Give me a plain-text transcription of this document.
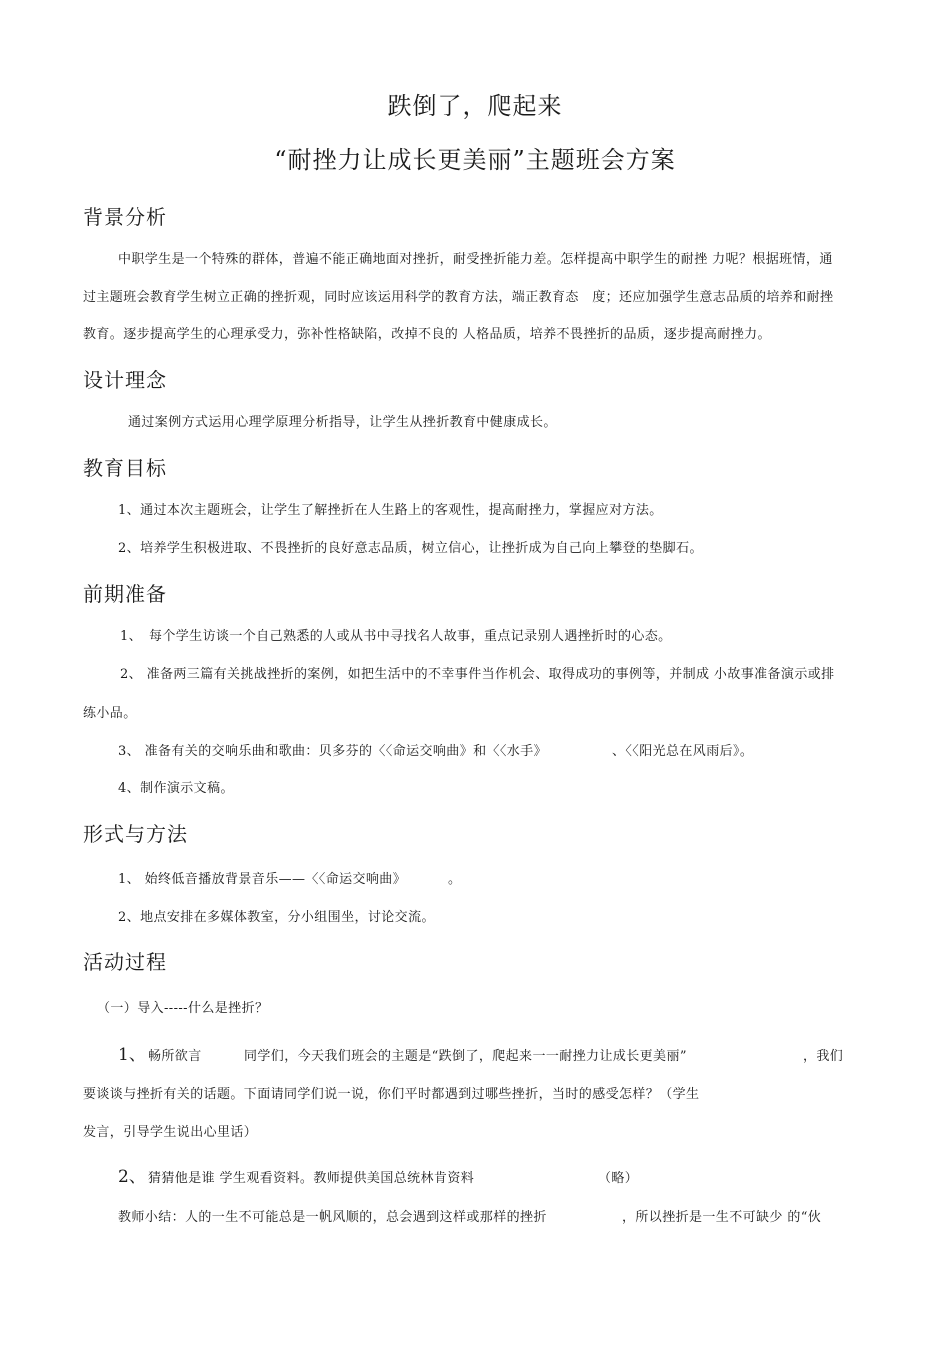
跌倒了，爬起来
“耐挫力让成长更美丽”主题班会方案
背景分析
中职学生是一个特殊的群体，普遍不能正确地面对挫折，耐受挫折能力差。怎样提高中职学生的耐挫 力呢？根据班情，通
过主题班会教育学生树立正确的挫折观，同时应该运用科学的教育方法，端正教育态　度；还应加强学生意志品质的培养和耐挫
教育。逐步提高学生的心理承受力，弥补性格缺陷，改掉不良的 人格品质，培养不畏挫折的品质，逐步提高耐挫力。
设计理念
通过案例方式运用心理学原理分析指导，让学生从挫折教育中健康成长。
教育目标
1、通过本次主题班会，让学生了解挫折在人生路上的客观性，提高耐挫力，掌握应对方法。
2、培养学生积极进取、不畏挫折的良好意志品质，树立信心，让挫折成为自己向上攀登的垫脚石。
前期准备
1、　每个学生访谈一个自己熟悉的人或从书中寻找名人故事，重点记录别人遇挫折时的心态。
2、 准备两三篇有关挑战挫折的案例，如把生活中的不幸事件当作机会、取得成功的事例等，并制成 小故事准备演示或排
练小品。
3、 准备有关的交响乐曲和歌曲：贝多芬的〈〈命运交响曲》和〈〈水手》	、〈〈阳光总在风雨后》。
4、制作演示文稿。
形式与方法
1、 始终低音播放背景音乐——〈〈命运交响曲》	。
2、地点安排在多媒体教室，分小组围坐，讨论交流。
活动过程
（一）导入-----什么是挫折？
1、 畅所欲言	同学们，今天我们班会的主题是“跌倒了，爬起来一一耐挫力让成长更美丽”	，我们
要谈谈与挫折有关的话题。下面请同学们说一说，你们平时都遇到过哪些挫折，当时的感受怎样？（学生
发言，引导学生说出心里话）
2、 猜猜他是谁 学生观看资料。教师提供美国总统林肯资料	（略）
教师小结：人的一生不可能总是一帆风顺的，总会遇到这样或那样的挫折	，所以挫折是一生不可缺少 的“伙
